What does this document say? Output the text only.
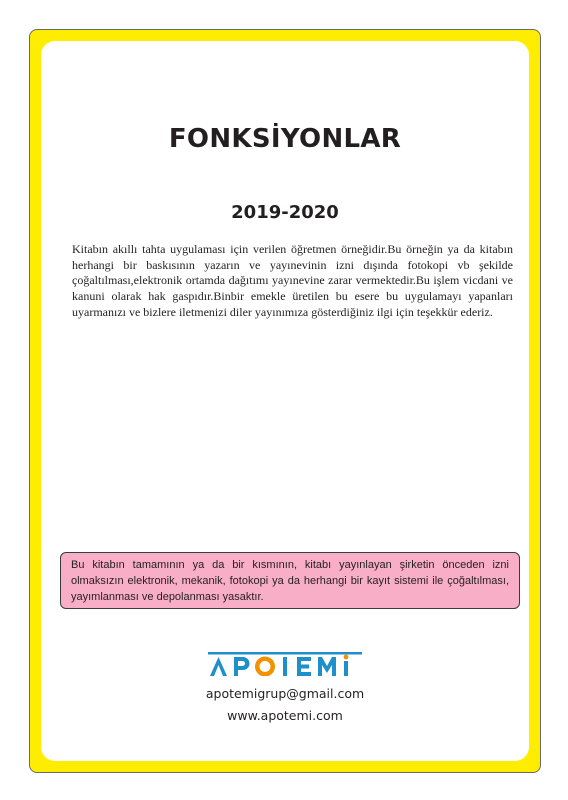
FONKSİYONLAR
2019-2020

Kitabın akıllı tahta uygulaması için verilen öğretmen örneğidir.Bu örneğin ya da kitabın herhangi bir baskısının yazarın ve yayınevinin izni dışında fotokopi vb şekilde çoğaltılması,elektronik ortamda dağıtımı yayınevine zarar vermektedir.Bu işlem vicdani ve kanuni olarak hak gaspıdır.Binbir emekle üretilen bu esere bu uygulamayı yapanları uyarmanızı ve bizlere iletmenizi diler yayınımıza gösterdiğiniz ilgi için teşekkür ederiz.

Bu kitabın tamamının ya da bir kısmının, kitabı yayınlayan şirketin önceden izni olmaksızın elektronik, mekanik, fotokopi ya da herhangi bir kayıt sistemi ile çoğaltılması, yayımlanması ve depolanması yasaktır.
apotemigrup@gmail.com
www.apotemi.com
